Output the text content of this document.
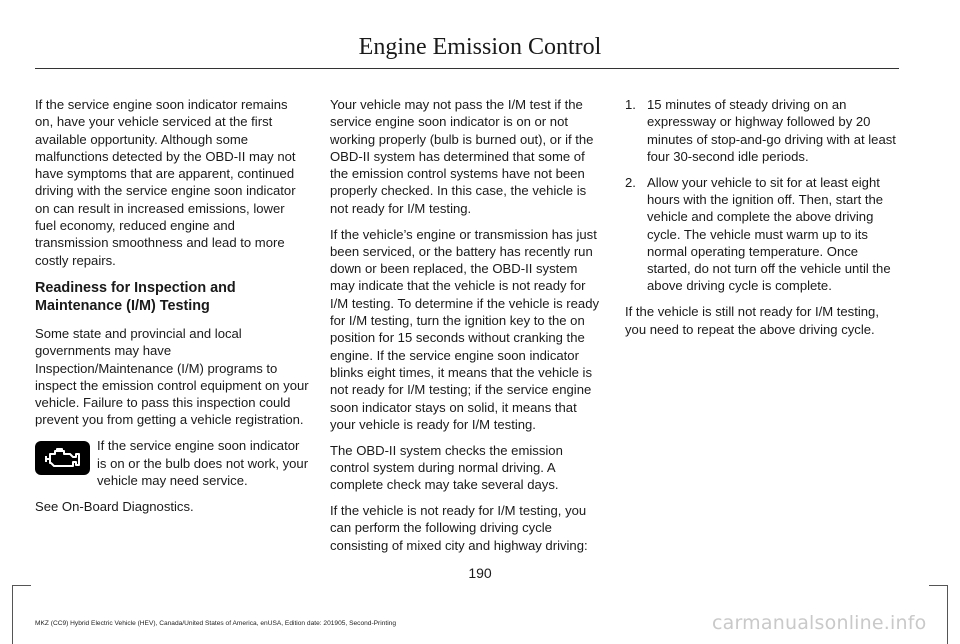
Engine Emission Control

If the service engine soon indicator remains on, have your vehicle serviced at the first available opportunity. Although some malfunctions detected by the OBD-II may not have symptoms that are apparent, continued driving with the service engine soon indicator on can result in increased emissions, lower fuel economy, reduced engine and transmission smoothness and lead to more costly repairs.

Readiness for Inspection and Maintenance (I/M) Testing

Some state and provincial and local governments may have Inspection/Maintenance (I/M) programs to inspect the emission control equipment on your vehicle. Failure to pass this inspection could prevent you from getting a vehicle registration.

If the service engine soon indicator is on or the bulb does not work, your vehicle may need service.

See On-Board Diagnostics.

Your vehicle may not pass the I/M test if the service engine soon indicator is on or not working properly (bulb is burned out), or if the OBD-II system has determined that some of the emission control systems have not been properly checked. In this case, the vehicle is not ready for I/M testing.

If the vehicle’s engine or transmission has just been serviced, or the battery has recently run down or been replaced, the OBD-II system may indicate that the vehicle is not ready for I/M testing. To determine if the vehicle is ready for I/M testing, turn the ignition key to the on position for 15 seconds without cranking the engine. If the service engine soon indicator blinks eight times, it means that the vehicle is not ready for I/M testing; if the service engine soon indicator stays on solid, it means that your vehicle is ready for I/M testing.

The OBD-II system checks the emission control system during normal driving. A complete check may take several days.

If the vehicle is not ready for I/M testing, you can perform the following driving cycle consisting of mixed city and highway driving:

1. 15 minutes of steady driving on an expressway or highway followed by 20 minutes of stop-and-go driving with at least four 30-second idle periods.
2. Allow your vehicle to sit for at least eight hours with the ignition off. Then, start the vehicle and complete the above driving cycle. The vehicle must warm up to its normal operating temperature. Once started, do not turn off the vehicle until the above driving cycle is complete.

If the vehicle is still not ready for I/M testing, you need to repeat the above driving cycle.

190
MKZ (CC9) Hybrid Electric Vehicle (HEV), Canada/United States of America, enUSA, Edition date: 201905, Second-Printing	carmanualsonline.info
